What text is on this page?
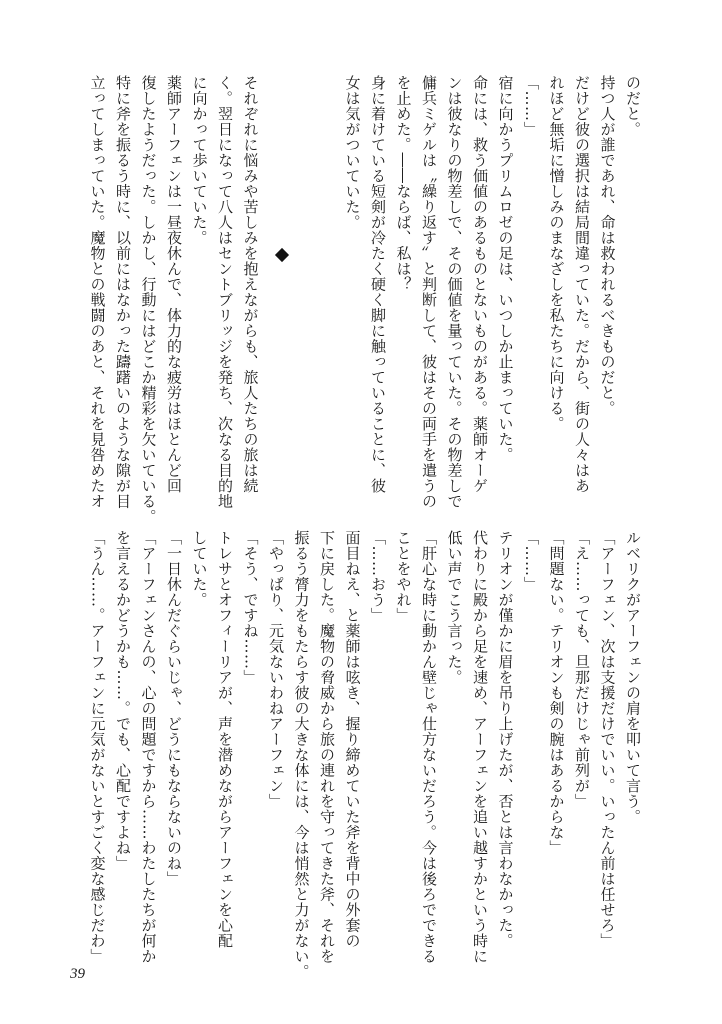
のだと。
持つ人が誰であれ、命は救われるべきものだと。
だけど彼の選択は結局間違っていた。だから、街の人々はあ
れほど無垢に憎しみのまなざしを私たちに向ける。
「……」
宿に向かうプリムロゼの足は、いつしか止まっていた。
命には、救う価値のあるものとないものがある。薬師オーゲ
ンは彼なりの物差しで、その価値を量っていた。その物差しで
傭兵ミゲルは〝繰り返す〟と判断して、彼はその両手を遣うの
を止めた。――ならば、私は？
身に着けている短剣が冷たく硬く脚に触っていることに、彼
女は気がついていた。
それぞれに悩みや苦しみを抱えながらも、旅人たちの旅は続
く。翌日になって八人はセントブリッジを発ち、次なる目的地
に向かって歩いていた。
薬師アーフェンは一昼夜休んで、体力的な疲労はほとんど回
復したようだった。しかし、行動にはどこか精彩を欠いている。
特に斧を振るう時に、以前にはなかった躊躇いのような隙が目
立ってしまっていた。魔物との戦闘のあと、それを見咎めたオ
ルベリクがアーフェンの肩を叩いて言う。
「アーフェン、次は支援だけでいい。いったん前は任せろ」
「え……っても、旦那だけじゃ前列が」
「問題ない。テリオンも剣の腕はあるからな」
「……」
テリオンが僅かに眉を吊り上げたが、否とは言わなかった。
代わりに殿から足を速め、アーフェンを追い越すかという時に
低い声でこう言った。
「肝心な時に動かん壁じゃ仕方ないだろう。今は後ろでできる
ことをやれ」
「……おう」
面目ねえ、と薬師は呟き、握り締めていた斧を背中の外套の
下に戻した。魔物の脅威から旅の連れを守ってきた斧、それを
振るう膂力をもたらす彼の大きな体には、今は悄然と力がない。
「やっぱり、元気ないわねアーフェン」
「そう、ですね……」
トレサとオフィーリアが、声を潜めながらアーフェンを心配
していた。
「一日休んだぐらいじゃ、どうにもならないのね」
「アーフェンさんの、心の問題ですから……わたしたちが何か
を言えるかどうかも……。でも、心配ですよね」
「うん……。アーフェンに元気がないとすごく変な感じだわ」
39
